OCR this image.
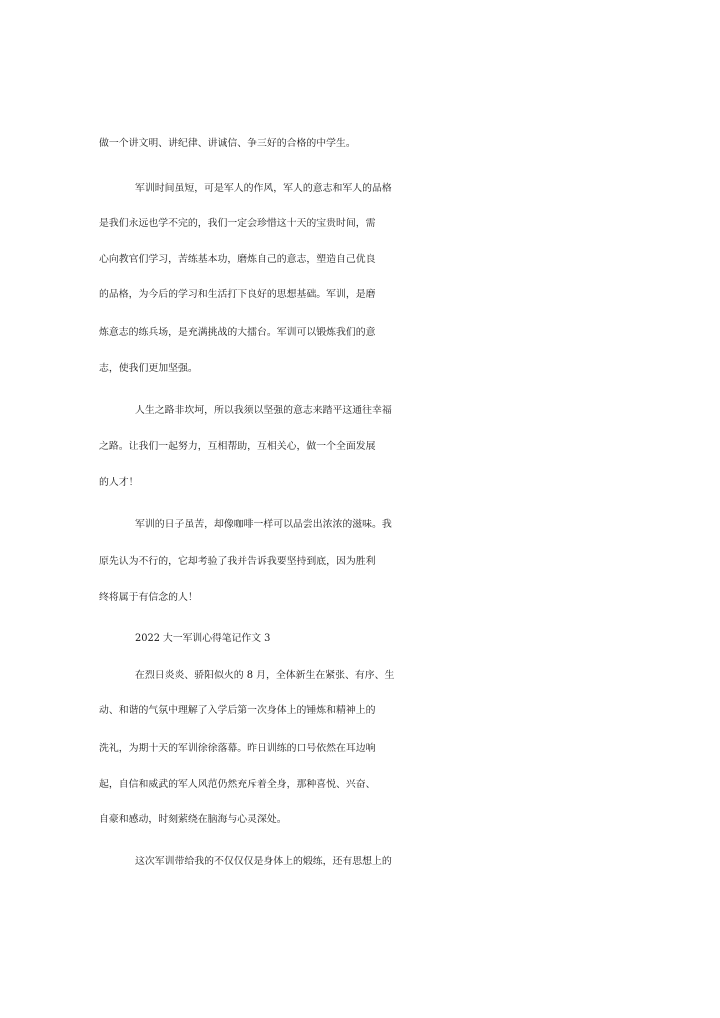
做一个讲文明、讲纪律、讲诚信、争三好的合格的中学生。
军训时间虽短，可是军人的作风，军人的意志和军人的品格
是我们永远也学不完的，我们一定会珍惜这十天的宝贵时间，需
心向教官们学习，苦练基本功，磨炼自己的意志，塑造自己优良
的品格，为今后的学习和生活打下良好的思想基础。军训，是磨
炼意志的练兵场，是充满挑战的大擂台。军训可以锻炼我们的意
志，使我们更加坚强。
人生之路非坎坷，所以我须以坚强的意志来踏平这通往幸福
之路。让我们一起努力，互相帮助，互相关心，做一个全面发展
的人才！
军训的日子虽苦，却像咖啡一样可以品尝出浓浓的滋味。我
原先认为不行的，它却考验了我并告诉我要坚持到底，因为胜利
终将属于有信念的人！
2022 大一军训心得笔记作文 3
在烈日炎炎、骄阳似火的 8 月，全体新生在紧张、有序、生
动、和谐的气氛中理解了入学后第一次身体上的锤炼和精神上的
洗礼，为期十天的军训徐徐落幕。昨日训练的口号依然在耳边响
起，自信和威武的军人风范仍然充斥着全身，那种喜悦、兴奋、
自豪和感动，时刻萦绕在脑海与心灵深处。
这次军训带给我的不仅仅仅是身体上的煅练，还有思想上的
